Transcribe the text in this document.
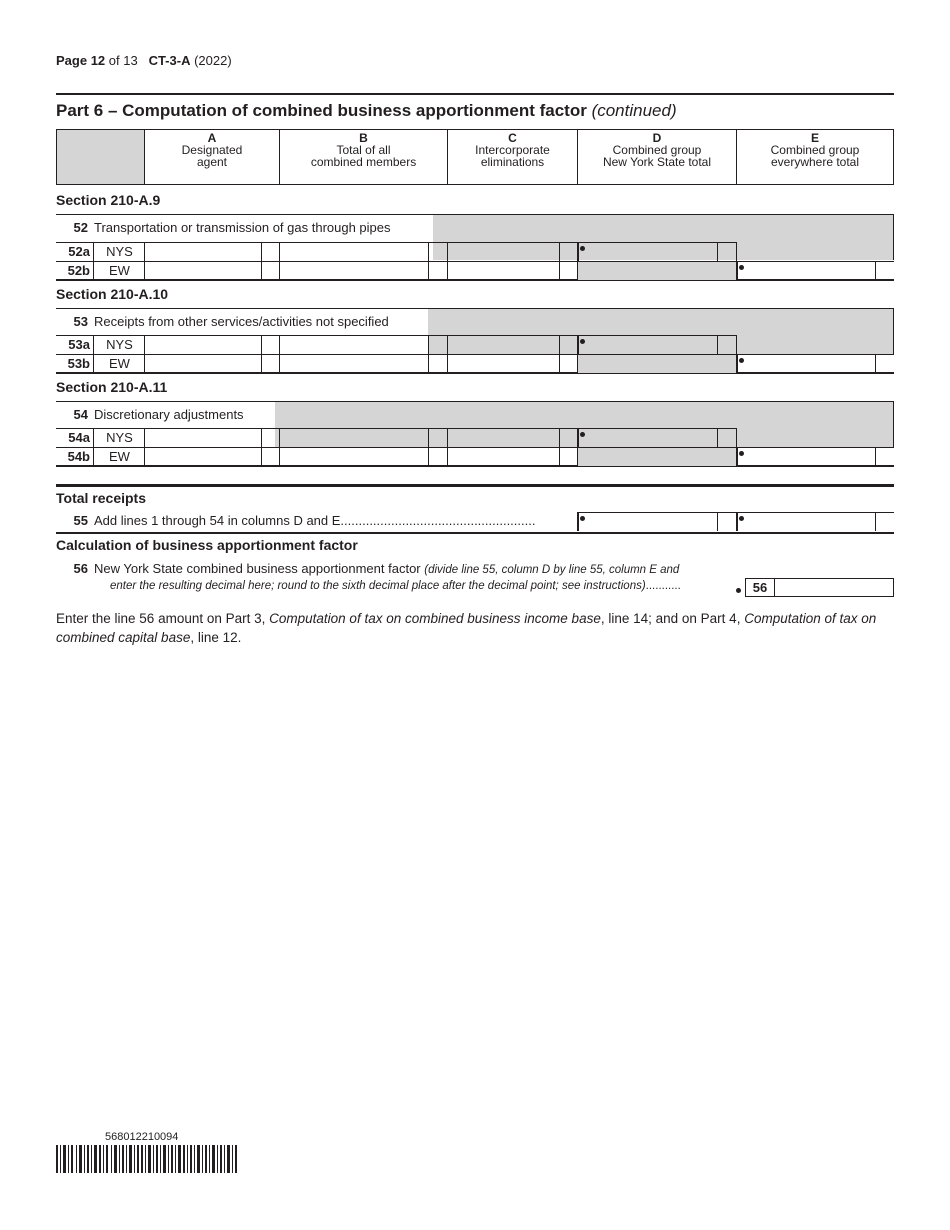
Page 12 of 13 CT-3-A (2022)
Part 6 – Computation of combined business apportionment factor (continued)
A
Designated
agent
B
Total of all
combined members
C
Intercorporate
eliminations
D
Combined group
New York State total
E
Combined group
everywhere total
Section 210-A.9
52 Transportation or transmission of gas through pipes
52a	NYS
52b	EW
Section 210-A.10
53 Receipts from other services/activities not specified
53a	NYS
53b	EW
Section 210-A.11
54 Discretionary adjustments
54a	NYS
54b	EW
Total receipts
55 Add lines 1 through 54 in columns D and E......................................................
Calculation of business apportionment factor
56 New York State combined business apportionment factor (divide line 55, column D by line 55, column E and
enter the resulting decimal here; round to the sixth decimal place after the decimal point; see instructions)...........	56
Enter the line 56 amount on Part 3, Computation of tax on combined business income base, line 14; and on Part 4, Computation of tax on combined capital base, line 12.
568012210094
